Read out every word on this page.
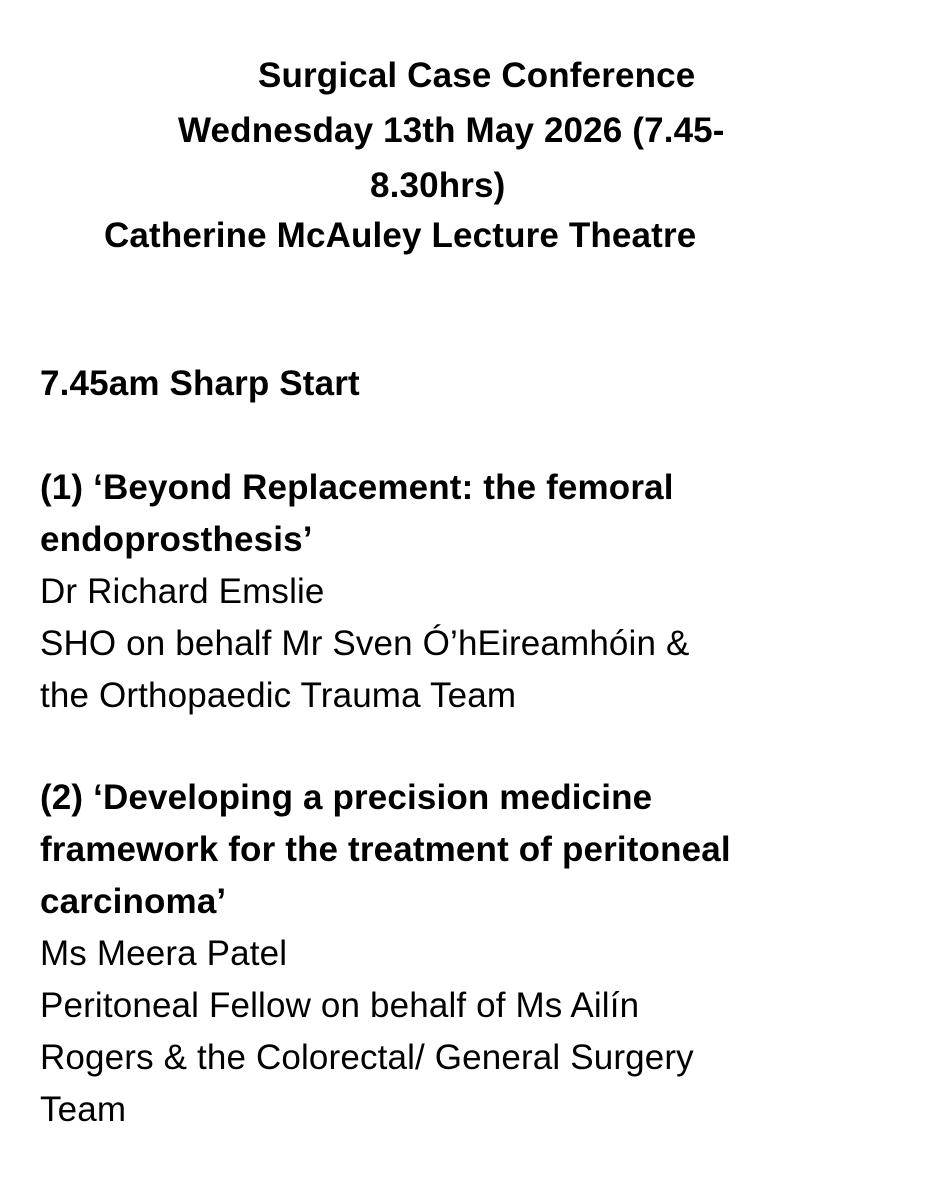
Surgical Case Conference
Wednesday 13th May 2026 (7.45-
8.30hrs)
Catherine McAuley Lecture Theatre
7.45am Sharp Start
(1) ‘Beyond Replacement: the femoral
endoprosthesis’
Dr Richard Emslie
SHO on behalf Mr Sven Ó’hEireamhóin &
the Orthopaedic Trauma Team
(2) ‘Developing a precision medicine
framework for the treatment of peritoneal
carcinoma’
Ms Meera Patel
Peritoneal Fellow on behalf of Ms Ailín
Rogers & the Colorectal/ General Surgery
Team
